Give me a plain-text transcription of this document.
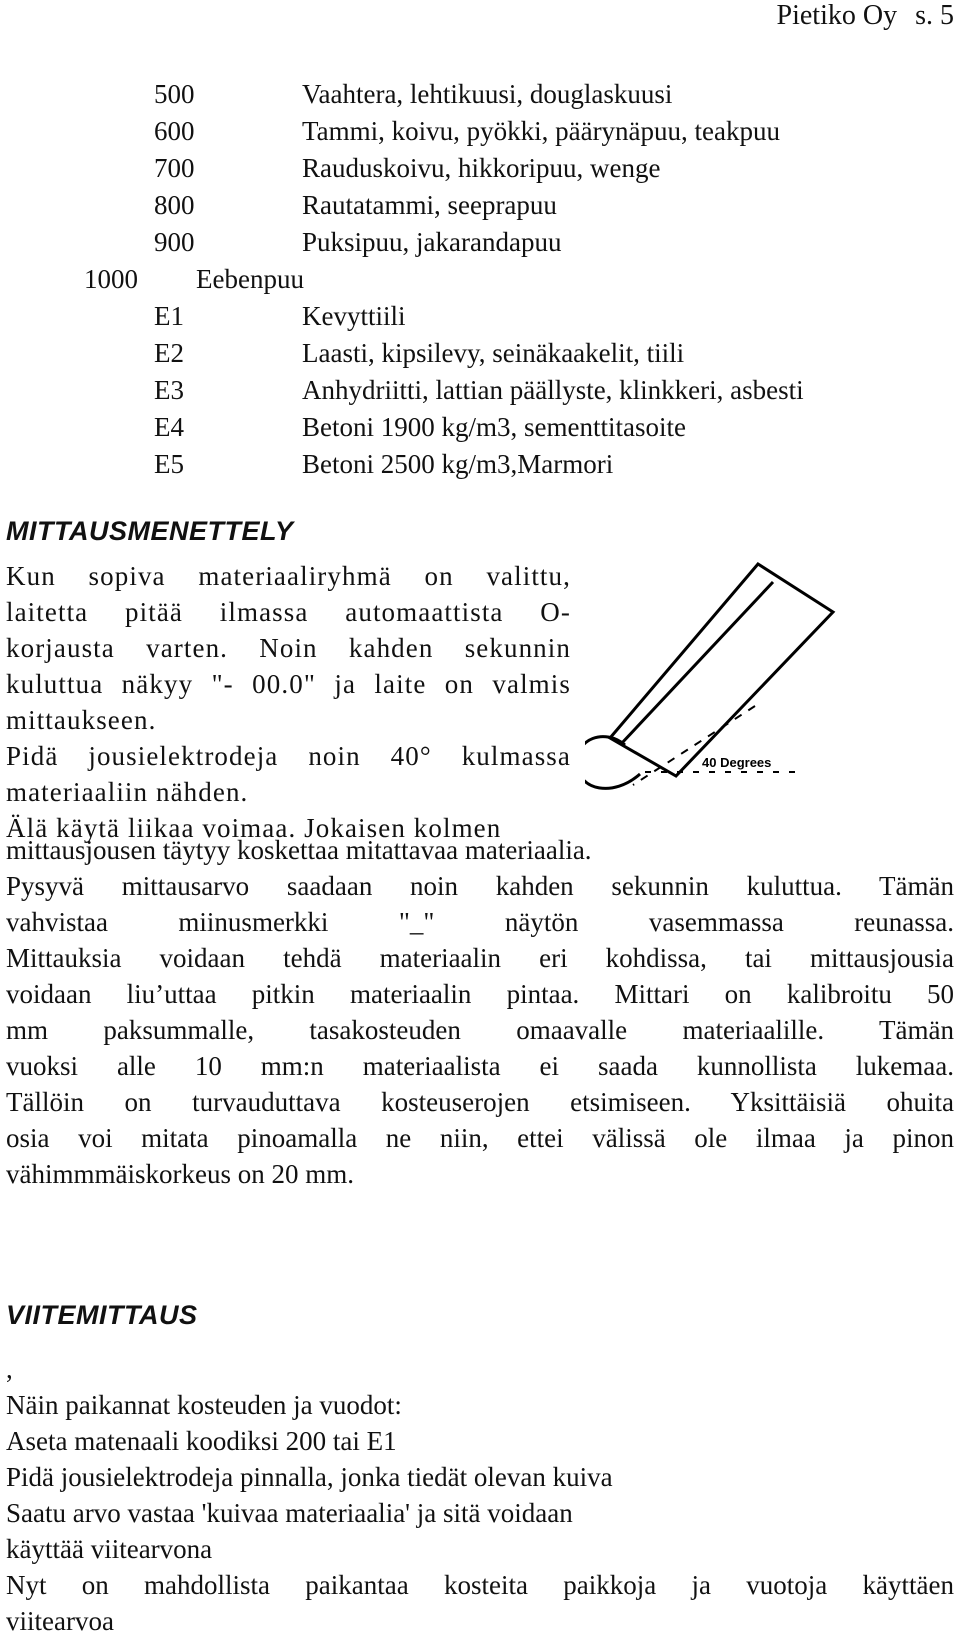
Pietiko Oy s. 5
500	Vaahtera, lehtikuusi, douglaskuusi
600	Tammi, koivu, pyökki, päärynäpuu, teakpuu
700	Rauduskoivu, hikkoripuu, wenge
800	Rautatammi, seeprapuu
900	Puksipuu, jakarandapuu
1000 Eebenpuu
E1	Kevyttiili
E2	Laasti, kipsilevy, seinäkaakelit, tiili
E3	Anhydriitti, lattian päällyste, klinkkeri, asbesti
E4	Betoni 1900 kg/m3, sementtitasoite
E5	Betoni 2500 kg/m3,Marmori
MITTAUSMENETTELY

Kun sopiva materiaaliryhmä on valittu,

laitetta pitää ilmassa automaattista O-

korjausta varten. Noin kahden sekunnin

kuluttua näkyy "- 00.0" ja laite on valmis

mittaukseen.

Pidä jousielektrodeja noin 40° kulmassa

materiaaliin nähden.

Älä käytä liikaa voimaa. Jokaisen kolmen

40 Degrees
mittausjousen täytyy koskettaa mitattavaa materiaalia.
Pysyvä mittausarvo saadaan noin kahden sekunnin kuluttua. Tämän
vahvistaa miinusmerkki "_" näytön vasemmassa reunassa.
Mittauksia voidaan tehdä materiaalin eri kohdissa, tai mittausjousia
voidaan liu’uttaa pitkin materiaalin pintaa. Mittari on kalibroitu 50
mm paksummalle, tasakosteuden omaavalle materiaalille. Tämän
vuoksi alle 10 mm:n materiaalista ei saada kunnollista lukemaa.
Tällöin on turvauduttava kosteuserojen etsimiseen. Yksittäisiä ohuita
osia voi mitata pinoamalla ne niin, ettei välissä ole ilmaa ja pinon
vähimmmäiskorkeus on 20 mm.
VIITEMITTAUS
,
Näin paikannat kosteuden ja vuodot:
Aseta matenaali koodiksi 200 tai E1
Pidä jousielektrodeja pinnalla, jonka tiedät olevan kuiva
Saatu arvo vastaa 'kuivaa materiaalia' ja sitä voidaan
käyttää viitearvona
Nyt on mahdollista paikantaa kosteita paikkoja ja vuotoja käyttäen
viitearvoa
